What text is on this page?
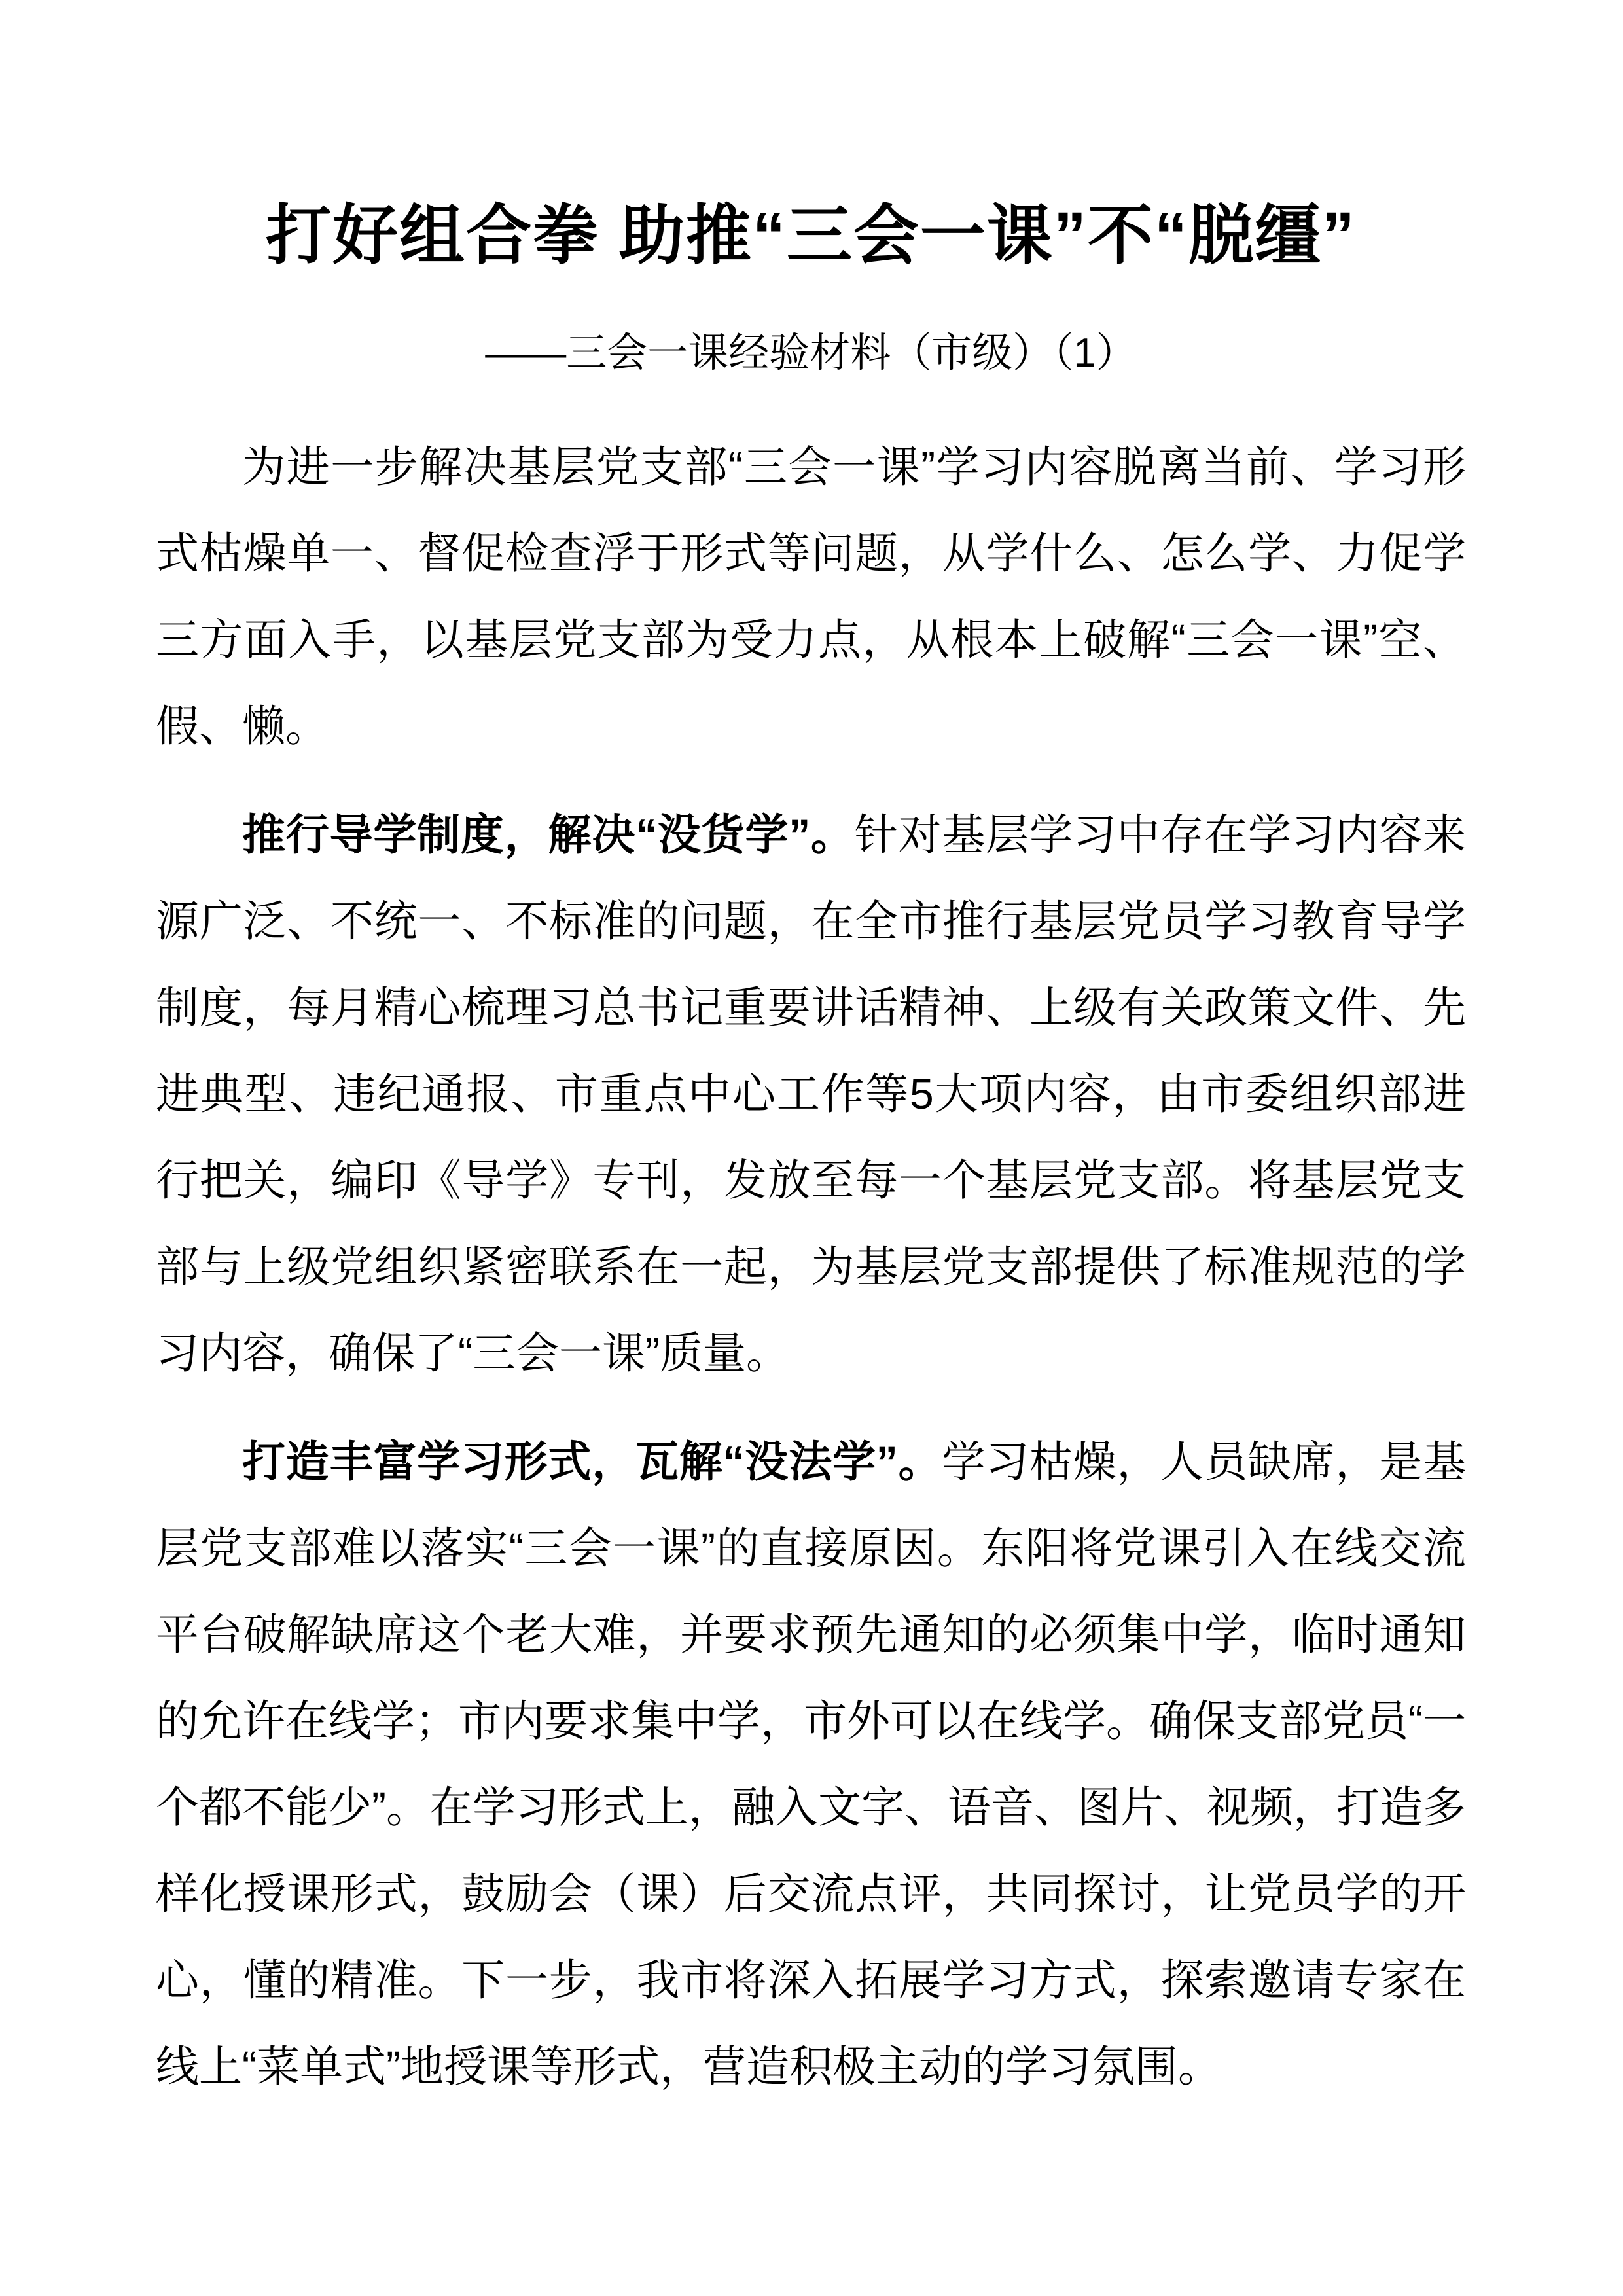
打好组合拳 助推“三会一课”不“脱缰”
——三会一课经验材料（市级）（1）

为进一步解决基层党支部“三会一课”学习内容脱离当前、学习形式枯燥单一、督促检查浮于形式等问题，从学什么、怎么学、力促学三方面入手，以基层党支部为受力点，从根本上破解“三会一课”空、假、懒。

推行导学制度，解决“没货学”。针对基层学习中存在学习内容来源广泛、不统一、不标准的问题，在全市推行基层党员学习教育导学制度，每月精心梳理习总书记重要讲话精神、上级有关政策文件、先进典型、违纪通报、市重点中心工作等5大项内容，由市委组织部进行把关，编印《导学》专刊，发放至每一个基层党支部。将基层党支部与上级党组织紧密联系在一起，为基层党支部提供了标准规范的学习内容，确保了“三会一课”质量。

打造丰富学习形式，瓦解“没法学”。学习枯燥，人员缺席，是基层党支部难以落实“三会一课”的直接原因。东阳将党课引入在线交流平台破解缺席这个老大难，并要求预先通知的必须集中学，临时通知的允许在线学；市内要求集中学，市外可以在线学。确保支部党员“一个都不能少”。在学习形式上，融入文字、语音、图片、视频，打造多样化授课形式，鼓励会（课）后交流点评，共同探讨，让党员学的开心，懂的精准。下一步，我市将深入拓展学习方式，探索邀请专家在线上“菜单式”地授课等形式，营造积极主动的学习氛围。
